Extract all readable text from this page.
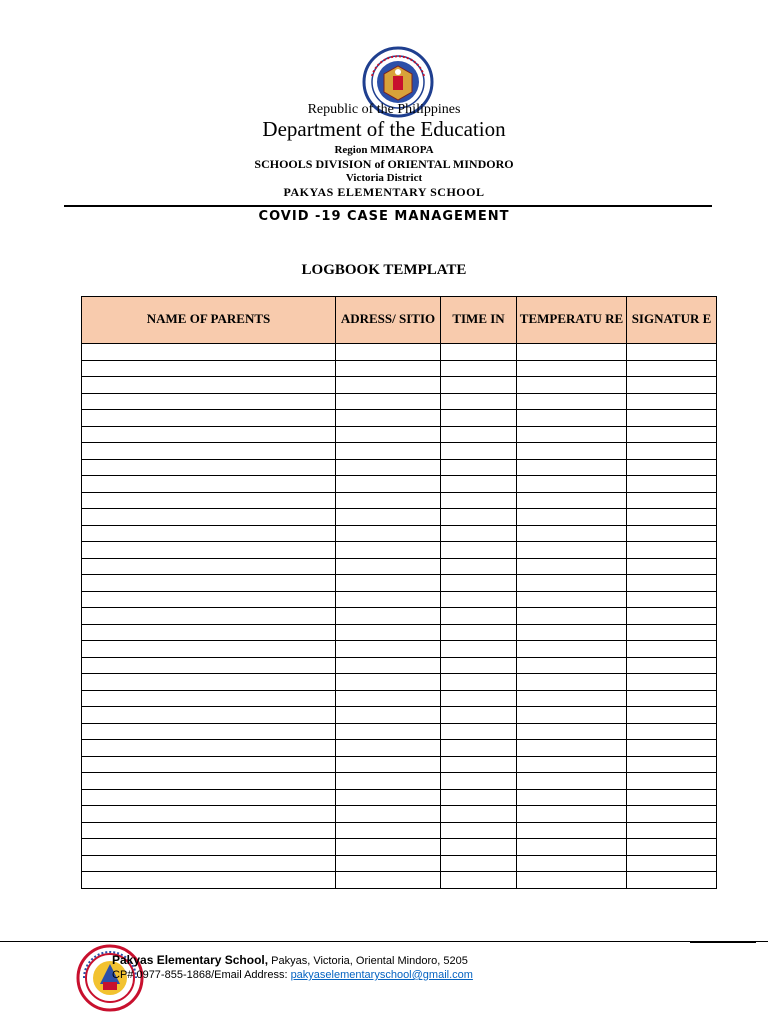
Republic of the Philippines

Department of the Education

Region MIMAROPA

SCHOOLS DIVISION of ORIENTAL MINDORO

Victoria District

PAKYAS ELEMENTARY SCHOOL

COVID -19 CASE MANAGEMENT

LOGBOOK TEMPLATE

NAME OF PARENTS	ADRESS/ SITIO	TIME IN	TEMPERATU RE	SIGNATUR E

Pakyas Elementary School, Pakyas, Victoria, Oriental Mindoro, 5205
CP# 0977-855-1868/Email Address: pakyaselementaryschool@gmail.com
